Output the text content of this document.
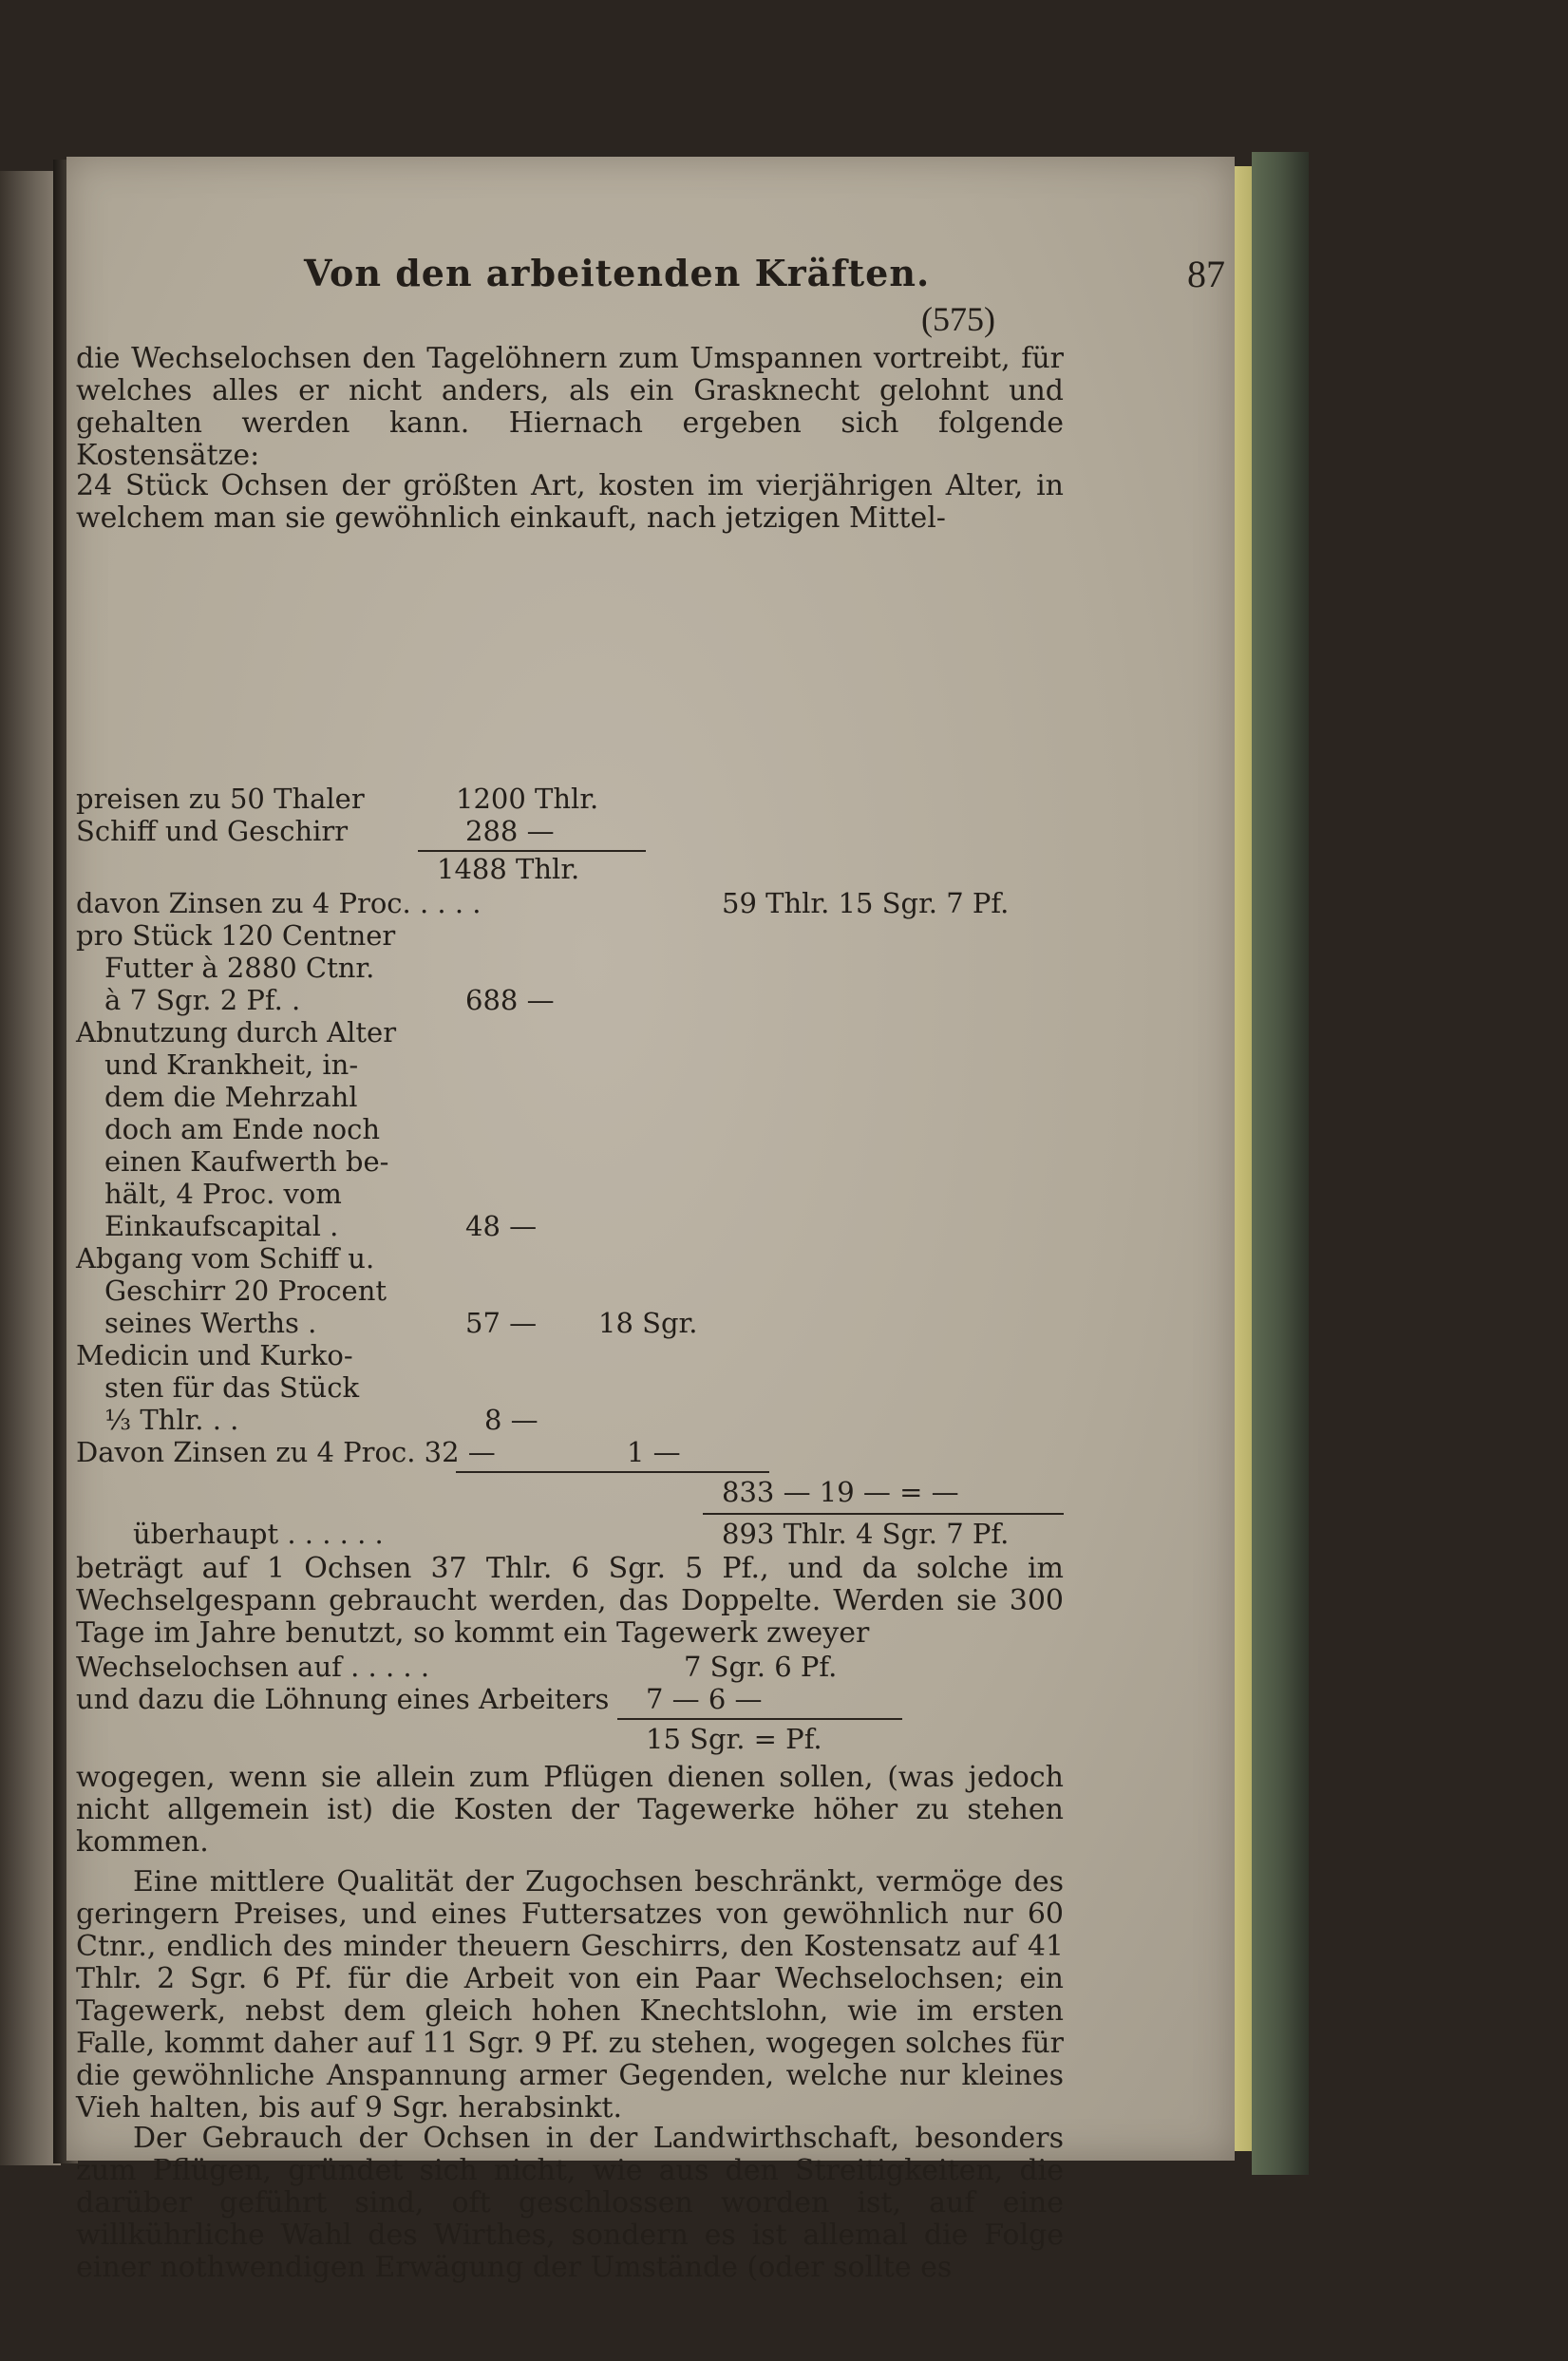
Von den arbeitenden Kräften.	87
(575)
die Wechselochsen den Tagelöhnern zum Umspannen vortreibt, für welches alles er nicht anders, als ein Grasknecht gelohnt und gehalten werden kann. Hiernach ergeben sich folgende Kostensätze:
24 Stück Ochsen der größten Art, kosten im vierjährigen Alter, in welchem man sie gewöhnlich einkauft, nach jetzigen Mittel-
preisen zu 50 Thaler	1200 Thlr.
Schiff und Geschirr	288 —
1488 Thlr.
davon Zinsen zu 4 Proc. . . . .	59 Thlr. 15 Sgr. 7 Pf.
pro Stück 120 Centner
Futter à 2880 Ctnr.
à 7 Sgr. 2 Pf. .	688 —
Abnutzung durch Alter
und Krankheit, in-
dem die Mehrzahl
doch am Ende noch
einen Kaufwerth be-
hält, 4 Proc. vom
Einkaufscapital .	48 —
Abgang vom Schiff u.
Geschirr 20 Procent
seines Werths .	57 — 18 Sgr.
Medicin und Kurko-
sten für das Stück
⅓ Thlr. . .	8 —
Davon Zinsen zu 4 Proc. 32 —	1 —
833 — 19 — = —
überhaupt . . . . . .	893 Thlr. 4 Sgr. 7 Pf.
beträgt auf 1 Ochsen 37 Thlr. 6 Sgr. 5 Pf., und da solche im Wechselgespann gebraucht werden, das Doppelte. Werden sie 300 Tage im Jahre benutzt, so kommt ein Tagewerk zweyer
Wechselochsen auf . . . . .	7 Sgr. 6 Pf.
und dazu die Löhnung eines Arbeiters 7 — 6 —
15 Sgr. = Pf.
wogegen, wenn sie allein zum Pflügen dienen sollen, (was jedoch nicht allgemein ist) die Kosten der Tagewerke höher zu stehen kommen.
Eine mittlere Qualität der Zugochsen beschränkt, vermöge des geringern Preises, und eines Futtersatzes von gewöhnlich nur 60 Ctnr., endlich des minder theuern Geschirrs, den Kostensatz auf 41 Thlr. 2 Sgr. 6 Pf. für die Arbeit von ein Paar Wechselochsen; ein Tagewerk, nebst dem gleich hohen Knechtslohn, wie im ersten Falle, kommt daher auf 11 Sgr. 9 Pf. zu stehen, wogegen solches für die gewöhnliche Anspannung armer Gegenden, welche nur kleines Vieh halten, bis auf 9 Sgr. herabsinkt.
Der Gebrauch der Ochsen in der Landwirthschaft, besonders zum Pflügen, gründet sich nicht, wie aus den Streitigkeiten, die darüber geführt sind, oft geschlossen worden ist, auf eine willkührliche Wahl des Wirthes, sondern es ist allemal die Folge einer nothwendigen Erwägung der Umstände (oder sollte es
